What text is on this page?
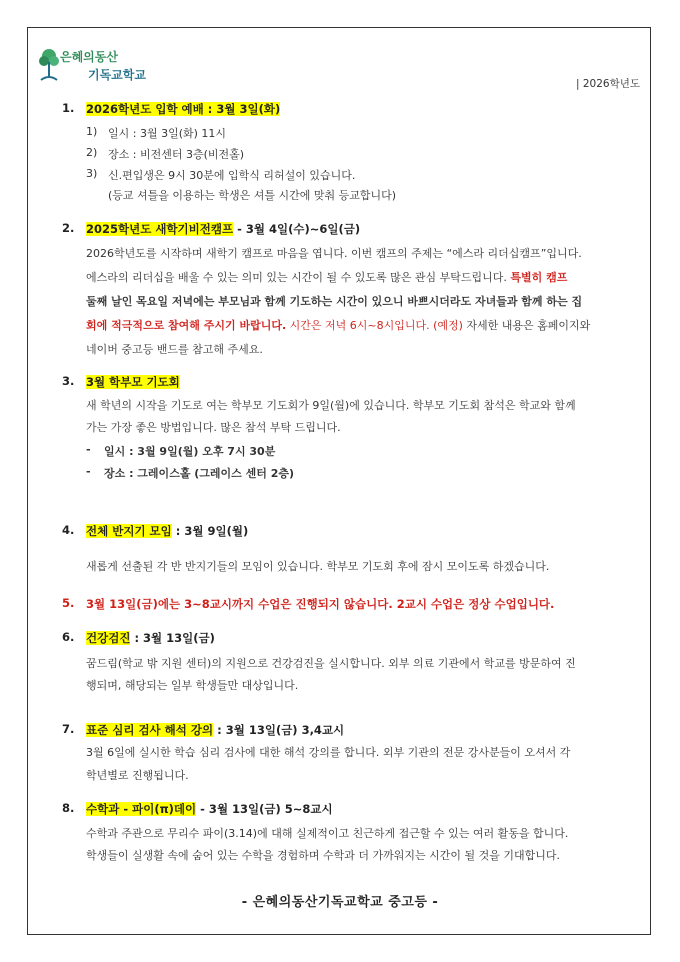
은혜의동산
기독교학교
| 2026학년도
1. 2026학년도 입학 예배 : 3월 3일(화)
1) 일시 : 3월 3일(화) 11시
2) 장소 : 비전센터 3층(비전홀)
3) 신.편입생은 9시 30분에 입학식 리허설이 있습니다.
(등교 셔틀을 이용하는 학생은 셔틀 시간에 맞춰 등교합니다)
2. 2025학년도 새학기비전캠프 - 3월 4일(수)~6일(금)
2026학년도를 시작하며 새학기 캠프로 마음을 엽니다. 이번 캠프의 주제는 “에스라 리더십캠프”입니다.
에스라의 리더십을 배울 수 있는 의미 있는 시간이 될 수 있도록 많은 관심 부탁드립니다. 특별히 캠프
둘째 날인 목요일 저녁에는 부모님과 함께 기도하는 시간이 있으니 바쁘시더라도 자녀들과 함께 하는 집
회에 적극적으로 참여해 주시기 바랍니다. 시간은 저녁 6시~8시입니다. (예정) 자세한 내용은 홈페이지와
네이버 중고등 밴드를 참고해 주세요.
3. 3월 학부모 기도회
새 학년의 시작을 기도로 여는 학부모 기도회가 9일(월)에 있습니다. 학부모 기도회 참석은 학교와 함께
가는 가장 좋은 방법입니다. 많은 참석 부탁 드립니다.
- 일시 : 3월 9일(월) 오후 7시 30분
- 장소 : 그레이스홀 (그레이스 센터 2층)
4. 전체 반지기 모임 : 3월 9일(월)
새롭게 선출된 각 반 반지기들의 모임이 있습니다. 학부모 기도회 후에 잠시 모이도록 하겠습니다.
5. 3월 13일(금)에는 3~8교시까지 수업은 진행되지 않습니다. 2교시 수업은 정상 수업입니다.
6. 건강검진 : 3월 13일(금)
꿈드림(학교 밖 지원 센터)의 지원으로 건강검진을 실시합니다. 외부 의료 기관에서 학교를 방문하여 진
행되며, 해당되는 일부 학생들만 대상입니다.
7. 표준 심리 검사 해석 강의 : 3월 13일(금) 3,4교시
3월 6일에 실시한 학습 심리 검사에 대한 해석 강의를 합니다. 외부 기관의 전문 강사분들이 오셔서 각
학년별로 진행됩니다.
8. 수학과 - 파이(π)데이 - 3월 13일(금) 5~8교시
수학과 주관으로 무리수 파이(3.14)에 대해 실제적이고 친근하게 접근할 수 있는 여러 활동을 합니다.
학생들이 실생활 속에 숨어 있는 수학을 경험하며 수학과 더 가까워지는 시간이 될 것을 기대합니다.
- 은혜의동산기독교학교 중고등 -
